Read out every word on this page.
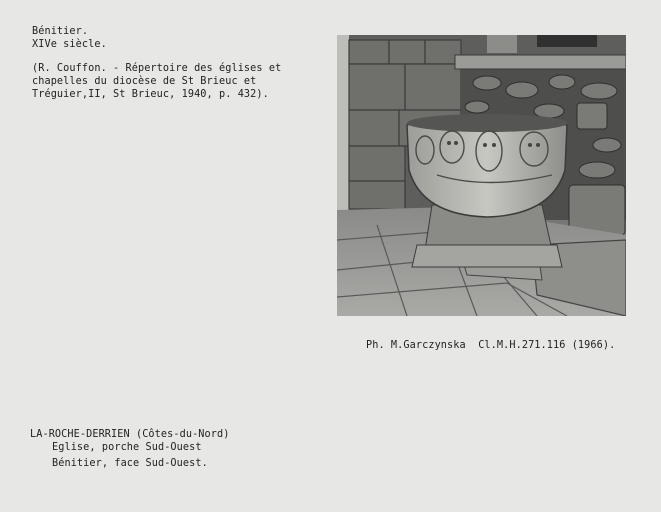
Bénitier.
XIVe siècle.
(R. Couffon. - Répertoire des églises et
chapelles du diocèse de St Brieuc et
Tréguier,II, St Brieuc, 1940, p. 432).
Ph. M.Garczynska  Cl.M.H.271.116 (1966).
LA-ROCHE-DERRIEN (Côtes-du-Nord)
Eglise, porche Sud-Ouest
Bénitier, face Sud-Ouest.
